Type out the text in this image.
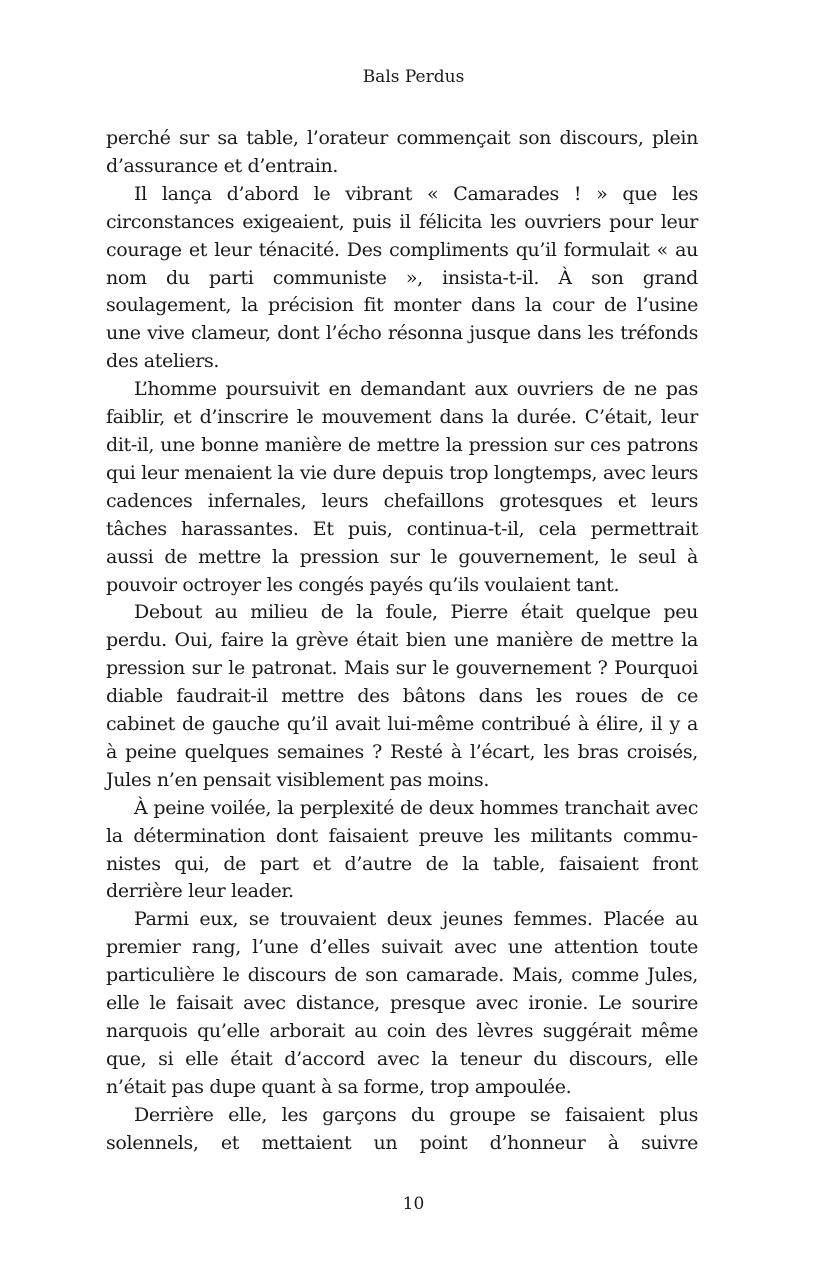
Bals Perdus

perché sur sa table, l’orateur commençait son discours, plein d’assurance et d’entrain.

Il lança d’abord le vibrant « Camarades ! » que les circonstances exigeaient, puis il félicita les ouvriers pour leur courage et leur ténacité. Des compliments qu’il formulait « au nom du parti communiste », insista-t-il. À son grand soulagement, la précision fit monter dans la cour de l’usine une vive clameur, dont l’écho résonna jusque dans les tréfonds des ateliers.

L’homme poursuivit en demandant aux ouvriers de ne pas faiblir, et d’inscrire le mouvement dans la durée. C’était, leur dit-il, une bonne manière de mettre la pression sur ces patrons qui leur menaient la vie dure depuis trop longtemps, avec leurs cadences infernales, leurs chefaillons grotesques et leurs tâches harassantes. Et puis, continua-t-il, cela permettrait aussi de mettre la pression sur le gouvernement, le seul à pouvoir octroyer les congés payés qu’ils voulaient tant.

Debout au milieu de la foule, Pierre était quelque peu perdu. Oui, faire la grève était bien une manière de mettre la pression sur le patronat. Mais sur le gouvernement ? Pourquoi diable faudrait-il mettre des bâtons dans les roues de ce cabinet de gauche qu’il avait lui-même contribué à élire, il y a à peine quelques semaines ? Resté à l’écart, les bras croisés, Jules n’en pensait visiblement pas moins.

À peine voilée, la perplexité de deux hommes tranchait avec la détermination dont faisaient preuve les militants communistes qui, de part et d’autre de la table, faisaient front derrière leur leader.

Parmi eux, se trouvaient deux jeunes femmes. Placée au premier rang, l’une d’elles suivait avec une attention toute particulière le discours de son camarade. Mais, comme Jules, elle le faisait avec distance, presque avec ironie. Le sourire narquois qu’elle arborait au coin des lèvres suggérait même que, si elle était d’accord avec la teneur du discours, elle n’était pas dupe quant à sa forme, trop ampoulée.

Derrière elle, les garçons du groupe se faisaient plus solennels, et mettaient un point d’honneur à suivre

10
